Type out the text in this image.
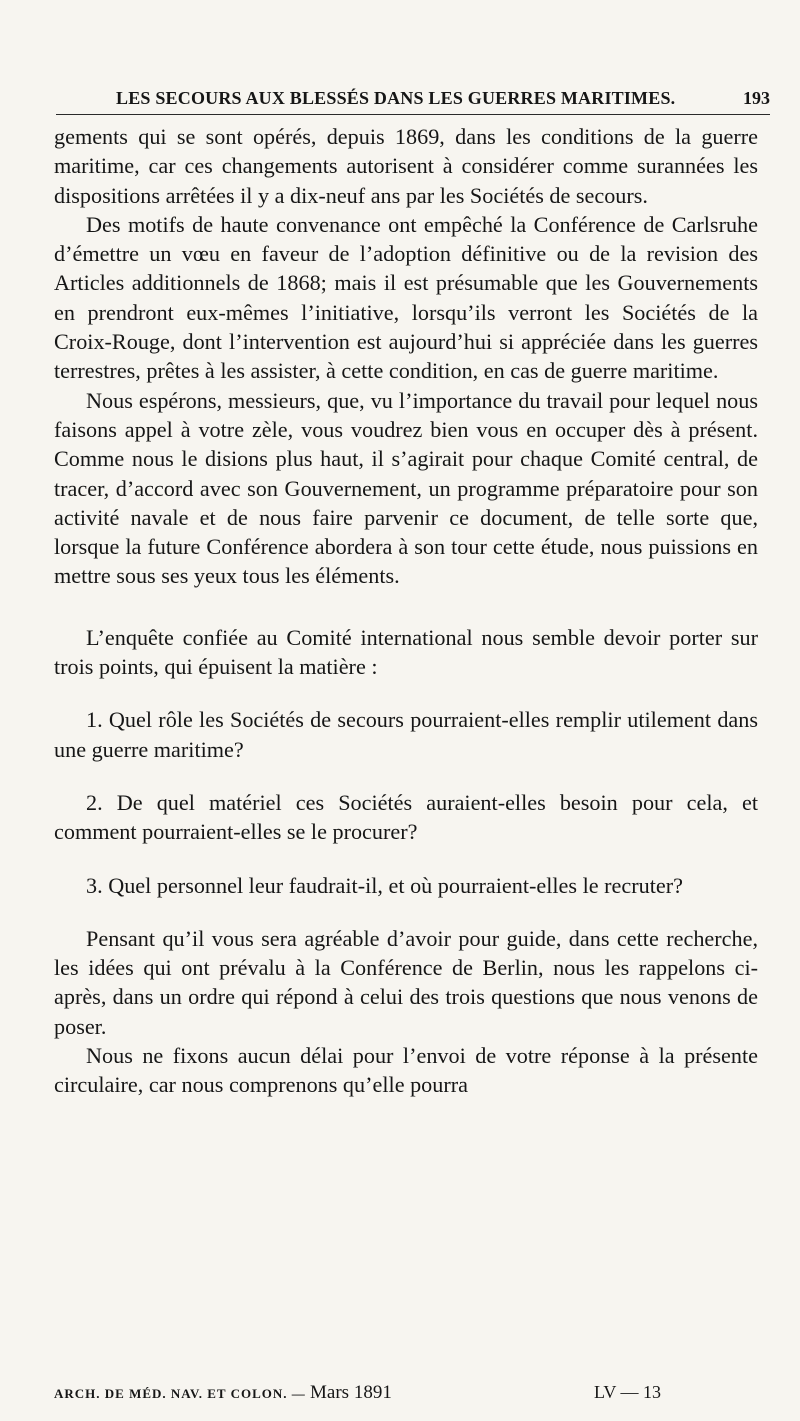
LES SECOURS AUX BLESSÉS DANS LES GUERRES MARITIMES.	193

gements qui se sont opérés, depuis 1869, dans les conditions de la guerre maritime, car ces changements autorisent à considérer comme surannées les dispositions arrêtées il y a dix-neuf ans par les Sociétés de secours.

Des motifs de haute convenance ont empêché la Conférence de Carlsruhe d’émettre un vœu en faveur de l’adoption définitive ou de la revision des Articles additionnels de 1868; mais il est présumable que les Gouvernements en prendront eux-mêmes l’initiative, lorsqu’ils verront les Sociétés de la Croix-Rouge, dont l’intervention est aujourd’hui si appréciée dans les guerres terrestres, prêtes à les assister, à cette condition, en cas de guerre maritime.

Nous espérons, messieurs, que, vu l’importance du travail pour lequel nous faisons appel à votre zèle, vous voudrez bien vous en occuper dès à présent. Comme nous le disions plus haut, il s’agirait pour chaque Comité central, de tracer, d’accord avec son Gouvernement, un programme préparatoire pour son activité navale et de nous faire parvenir ce document, de telle sorte que, lorsque la future Conférence abordera à son tour cette étude, nous puissions en mettre sous ses yeux tous les éléments.

L’enquête confiée au Comité international nous semble devoir porter sur trois points, qui épuisent la matière :

1. Quel rôle les Sociétés de secours pourraient-elles remplir utilement dans une guerre maritime?

2. De quel matériel ces Sociétés auraient-elles besoin pour cela, et comment pourraient-elles se le procurer?

3. Quel personnel leur faudrait-il, et où pourraient-elles le recruter?

Pensant qu’il vous sera agréable d’avoir pour guide, dans cette recherche, les idées qui ont prévalu à la Conférence de Berlin, nous les rappelons ci-après, dans un ordre qui répond à celui des trois questions que nous venons de poser.

Nous ne fixons aucun délai pour l’envoi de votre réponse à la présente circulaire, car nous comprenons qu’elle pourra

ARCH. DE MÉD. NAV. ET COLON. — Mars 1891	LV — 13
